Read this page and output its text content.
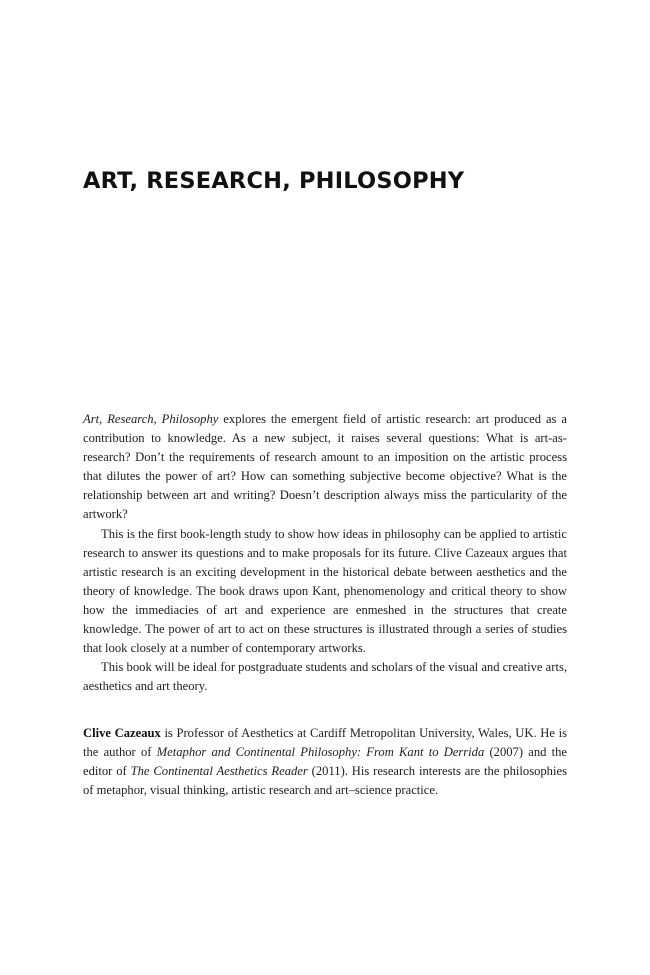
ART, RESEARCH, PHILOSOPHY

Art, Research, Philosophy explores the emergent field of artistic research: art produced as a contribution to knowledge. As a new subject, it raises several questions: What is art-as-research? Don’t the requirements of research amount to an imposition on the artistic process that dilutes the power of art? How can something subjective become objective? What is the relationship between art and writing? Doesn’t description always miss the particularity of the artwork?

This is the first book-length study to show how ideas in philosophy can be applied to artistic research to answer its questions and to make proposals for its future. Clive Cazeaux argues that artistic research is an exciting development in the historical debate between aesthetics and the theory of knowledge. The book draws upon Kant, phenomenology and critical theory to show how the immediacies of art and experience are enmeshed in the structures that create knowledge. The power of art to act on these structures is illustrated through a series of studies that look closely at a number of contemporary artworks.

This book will be ideal for postgraduate students and scholars of the visual and creative arts, aesthetics and art theory.

Clive Cazeaux is Professor of Aesthetics at Cardiff Metropolitan University, Wales, UK. He is the author of Metaphor and Continental Philosophy: From Kant to Derrida (2007) and the editor of The Continental Aesthetics Reader (2011). His research interests are the philosophies of metaphor, visual thinking, artistic research and art–science practice.
